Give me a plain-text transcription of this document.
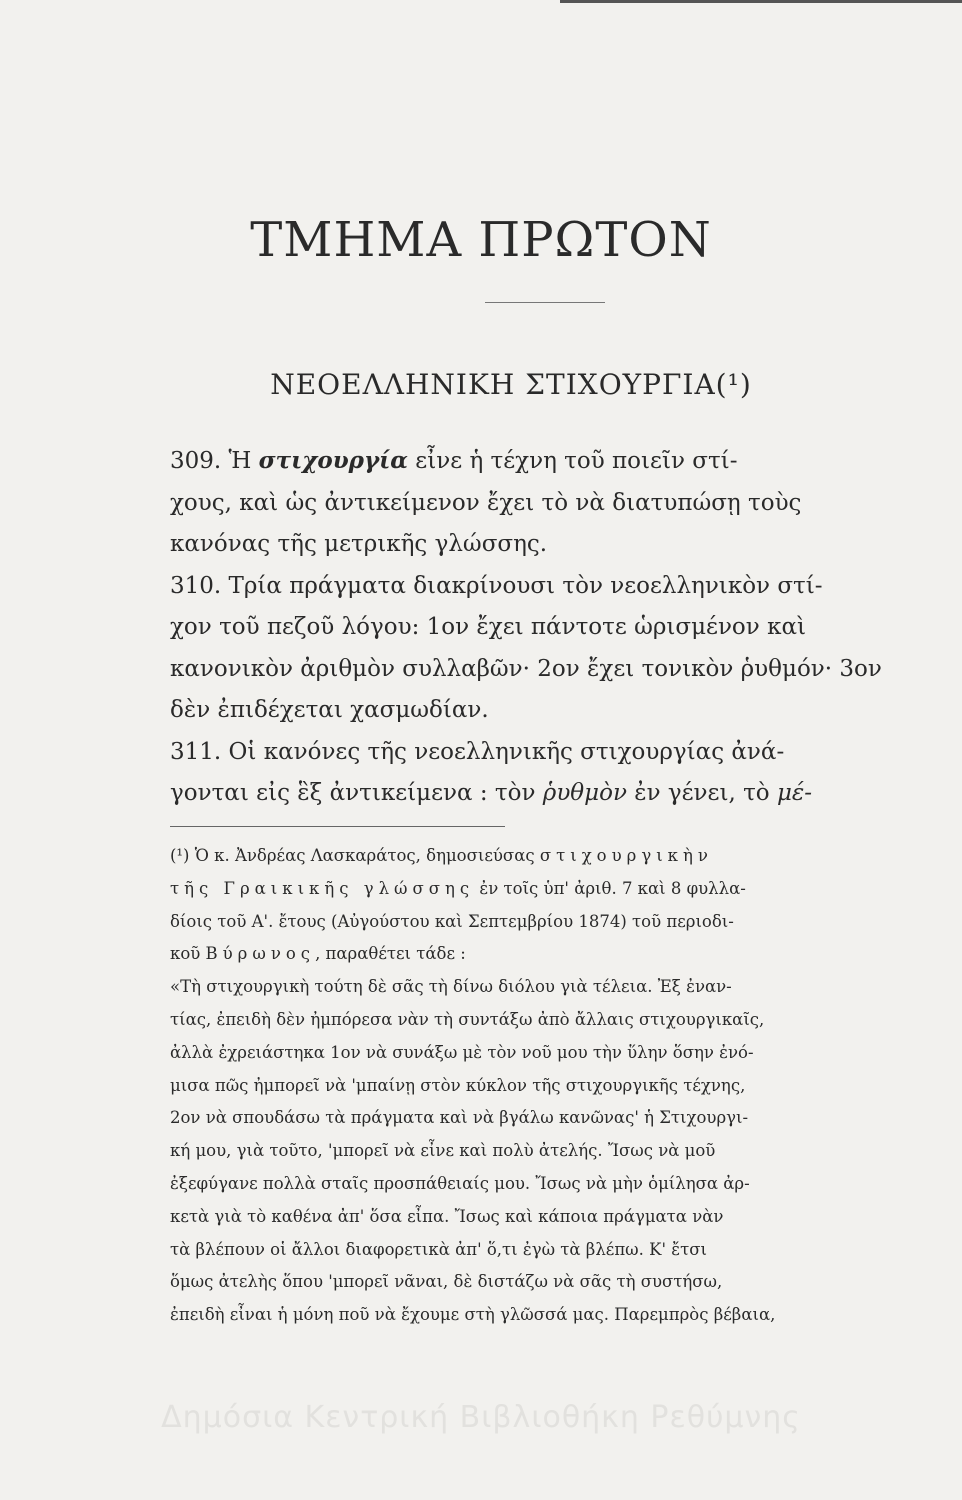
ΤΜΗΜΑ ΠΡΩΤΟΝ
ΝΕΟΕΛΛΗΝΙΚΗ ΣΤΙΧΟΥΡΓΙΑ(¹)
309. Ἡ στιχουργία εἶνε ἡ τέχνη τοῦ ποιεῖν στί-
χους, καὶ ὡς ἀντικείμενον ἔχει τὸ νὰ διατυπώσῃ τοὺς
κανόνας τῆς μετρικῆς γλώσσης.
310. Τρία πράγματα διακρίνουσι τὸν νεοελληνικὸν στί-
χον τοῦ πεζοῦ λόγου: 1ον ἔχει πάντοτε ὡρισμένον καὶ
κανονικὸν ἀριθμὸν συλλαβῶν· 2ον ἔχει τονικὸν ῥυθμόν· 3ον
δὲν ἐπιδέχεται χασμωδίαν.
311. Οἱ κανόνες τῆς νεοελληνικῆς στιχουργίας ἀνά-
γονται εἰς ἓξ ἀντικείμενα : τὸν ῥυθμὸν ἐν γένει, τὸ μέ-
(¹) Ὁ κ. Ἀνδρέας Λασκαράτος, δημοσιεύσας στιχουργικὴν
τῆς Γραικικῆς γλώσσης ἐν τοῖς ὑπ' ἀριθ. 7 καὶ 8 φυλλα-
δίοις τοῦ Α'. ἔτους (Αὐγούστου καὶ Σεπτεμβρίου 1874) τοῦ περιοδι-
κοῦ Βύρωνος, παραθέτει τάδε :
«Τὴ στιχουργικὴ τούτη δὲ σᾶς τὴ δίνω διόλου γιὰ τέλεια. Ἐξ ἐναν-
τίας, ἐπειδὴ δὲν ἠμπόρεσα νὰν τὴ συντάξω ἀπὸ ἄλλαις στιχουργικαῖς,
ἀλλὰ ἐχρειάστηκα 1ον νὰ συνάξω μὲ τὸν νοῦ μου τὴν ὕλην ὅσην ἐνό-
μισα πῶς ἠμπορεῖ νὰ 'μπαίνῃ στὸν κύκλον τῆς στιχουργικῆς τέχνης,
2ον νὰ σπουδάσω τὰ πράγματα καὶ νὰ βγάλω κανῶνας' ἡ Στιχουργι-
κή μου, γιὰ τοῦτο, 'μπορεῖ νὰ εἶνε καὶ πολὺ ἀτελής. Ἴσως νὰ μοῦ
ἐξεφύγανε πολλὰ σταῖς προσπάθειαίς μου. Ἴσως νὰ μὴν ὁμίλησα ἀρ-
κετὰ γιὰ τὸ καθένα ἀπ' ὅσα εἶπα. Ἴσως καὶ κάποια πράγματα νὰν
τὰ βλέπουν οἱ ἄλλοι διαφορετικὰ ἀπ' ὅ,τι ἐγὼ τὰ βλέπω. Κ' ἔτσι
ὅμως ἀτελὴς ὅπου 'μπορεῖ νᾶναι, δὲ διστάζω νὰ σᾶς τὴ συστήσω,
ἐπειδὴ εἶναι ἡ μόνη ποῦ νὰ ἔχουμε στὴ γλῶσσά μας. Παρεμπρὸς βέβαια,
Δημόσια Κεντρική Βιβλιοθήκη Ρεθύμνης
